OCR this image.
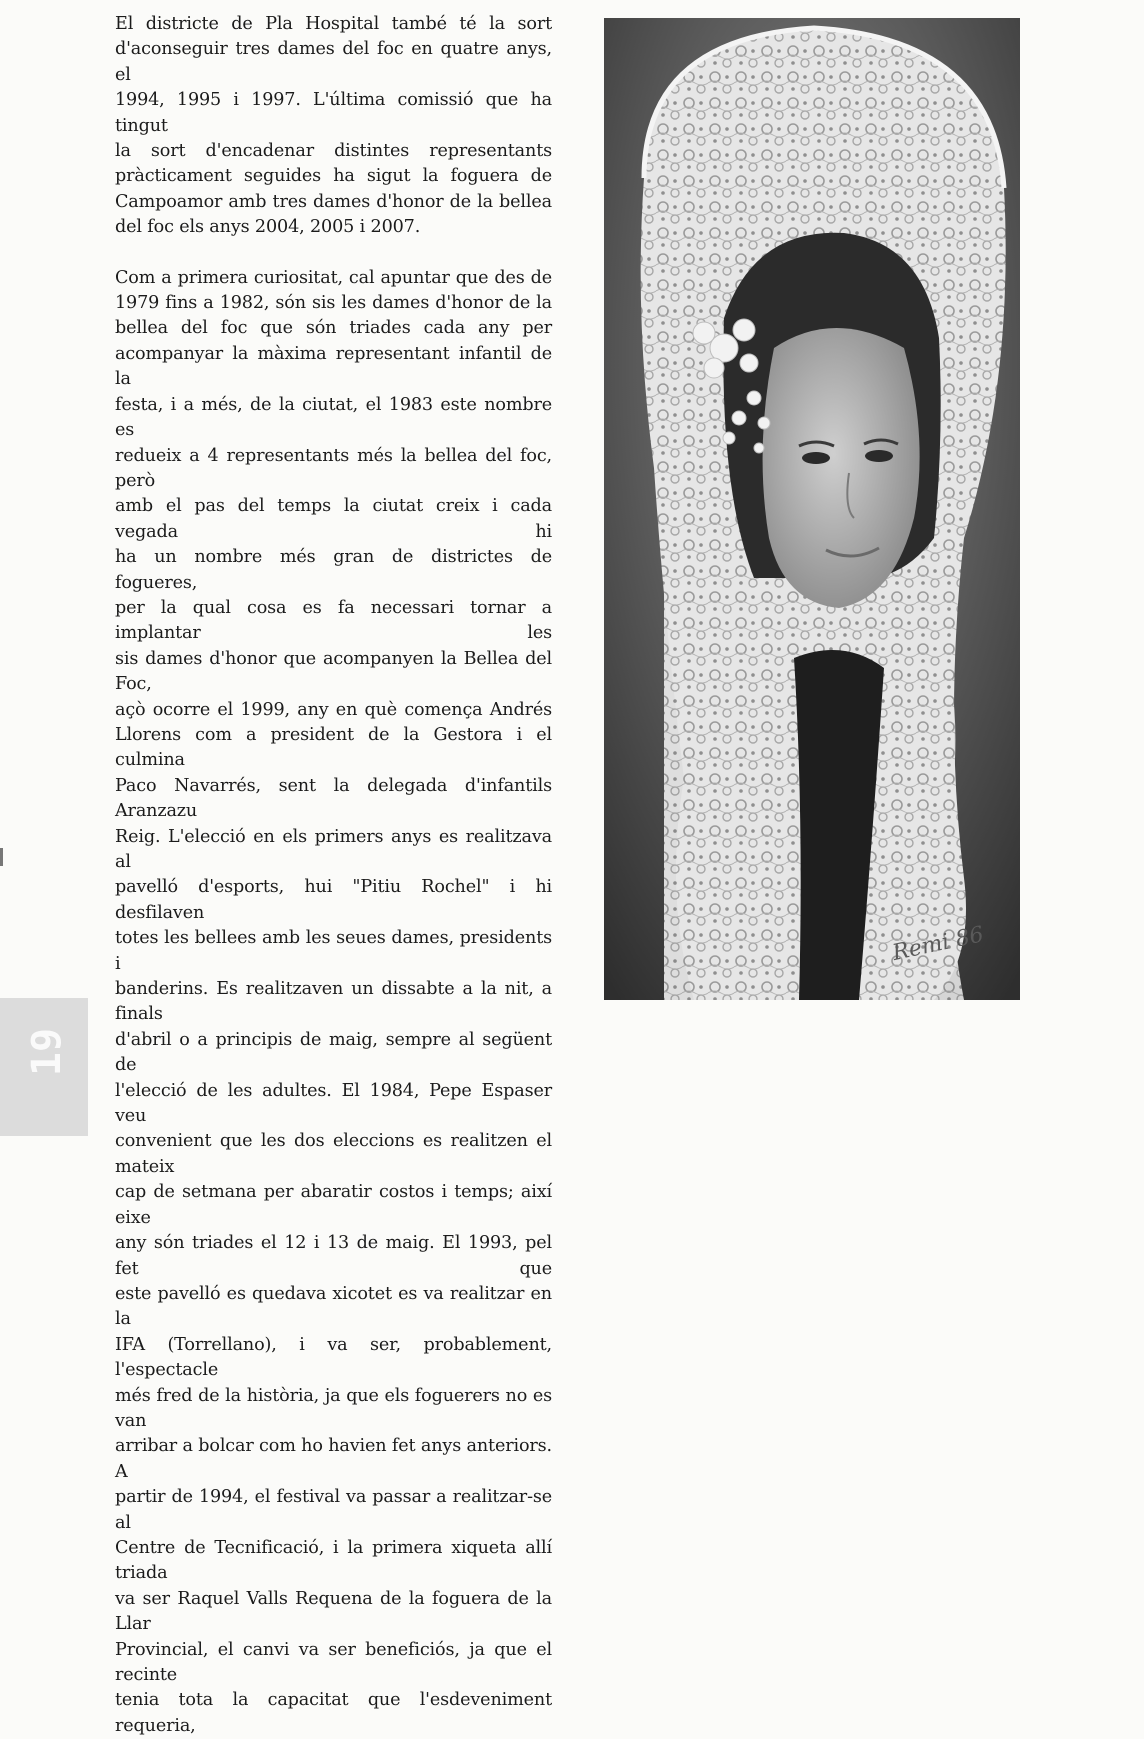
El districte de Pla Hospital també té la sort
d'aconseguir tres dames del foc en quatre anys, el
1994, 1995 i 1997. L'última comissió que ha tingut
la sort d'encadenar distintes representants
pràcticament seguides ha sigut la foguera de
Campoamor amb tres dames d'honor de la bellea
del foc els anys 2004, 2005 i 2007.

Com a primera curiositat, cal apuntar que des de
1979 fins a 1982, són sis les dames d'honor de la
bellea del foc que són triades cada any per
acompanyar la màxima representant infantil de la
festa, i a més, de la ciutat, el 1983 este nombre es
redueix a 4 representants més la bellea del foc, però
amb el pas del temps la ciutat creix i cada vegada hi
ha un nombre més gran de districtes de fogueres,
per la qual cosa es fa necessari tornar a implantar les
sis dames d'honor que acompanyen la Bellea del Foc,
açò ocorre el 1999, any en què comença Andrés
Llorens com a president de la Gestora i el culmina
Paco Navarrés, sent la delegada d'infantils Aranzazu
Reig. L'elecció en els primers anys es realitzava al
pavelló d'esports, hui "Pitiu Rochel" i hi desfilaven
totes les bellees amb les seues dames, presidents i
banderins. Es realitzaven un dissabte a la nit, a finals
d'abril o a principis de maig, sempre al següent de
l'elecció de les adultes. El 1984, Pepe Espaser veu
convenient que les dos eleccions es realitzen el mateix
cap de setmana per abaratir costos i temps; així eixe
any són triades el 12 i 13 de maig. El 1993, pel fet que
este pavelló es quedava xicotet es va realitzar en la
IFA (Torrellano), i va ser, probablement, l'espectacle
més fred de la història, ja que els foguerers no es van
arribar a bolcar com ho havien fet anys anteriors. A
partir de 1994, el festival va passar a realitzar-se al
Centre de Tecnificació, i la primera xiqueta allí triada
va ser Raquel Valls Requena de la foguera de la Llar
Provincial, el canvi va ser beneficiós, ja que el recinte
tenia tota la capacitat que l'esdeveniment requeria,

Remi 86
19
